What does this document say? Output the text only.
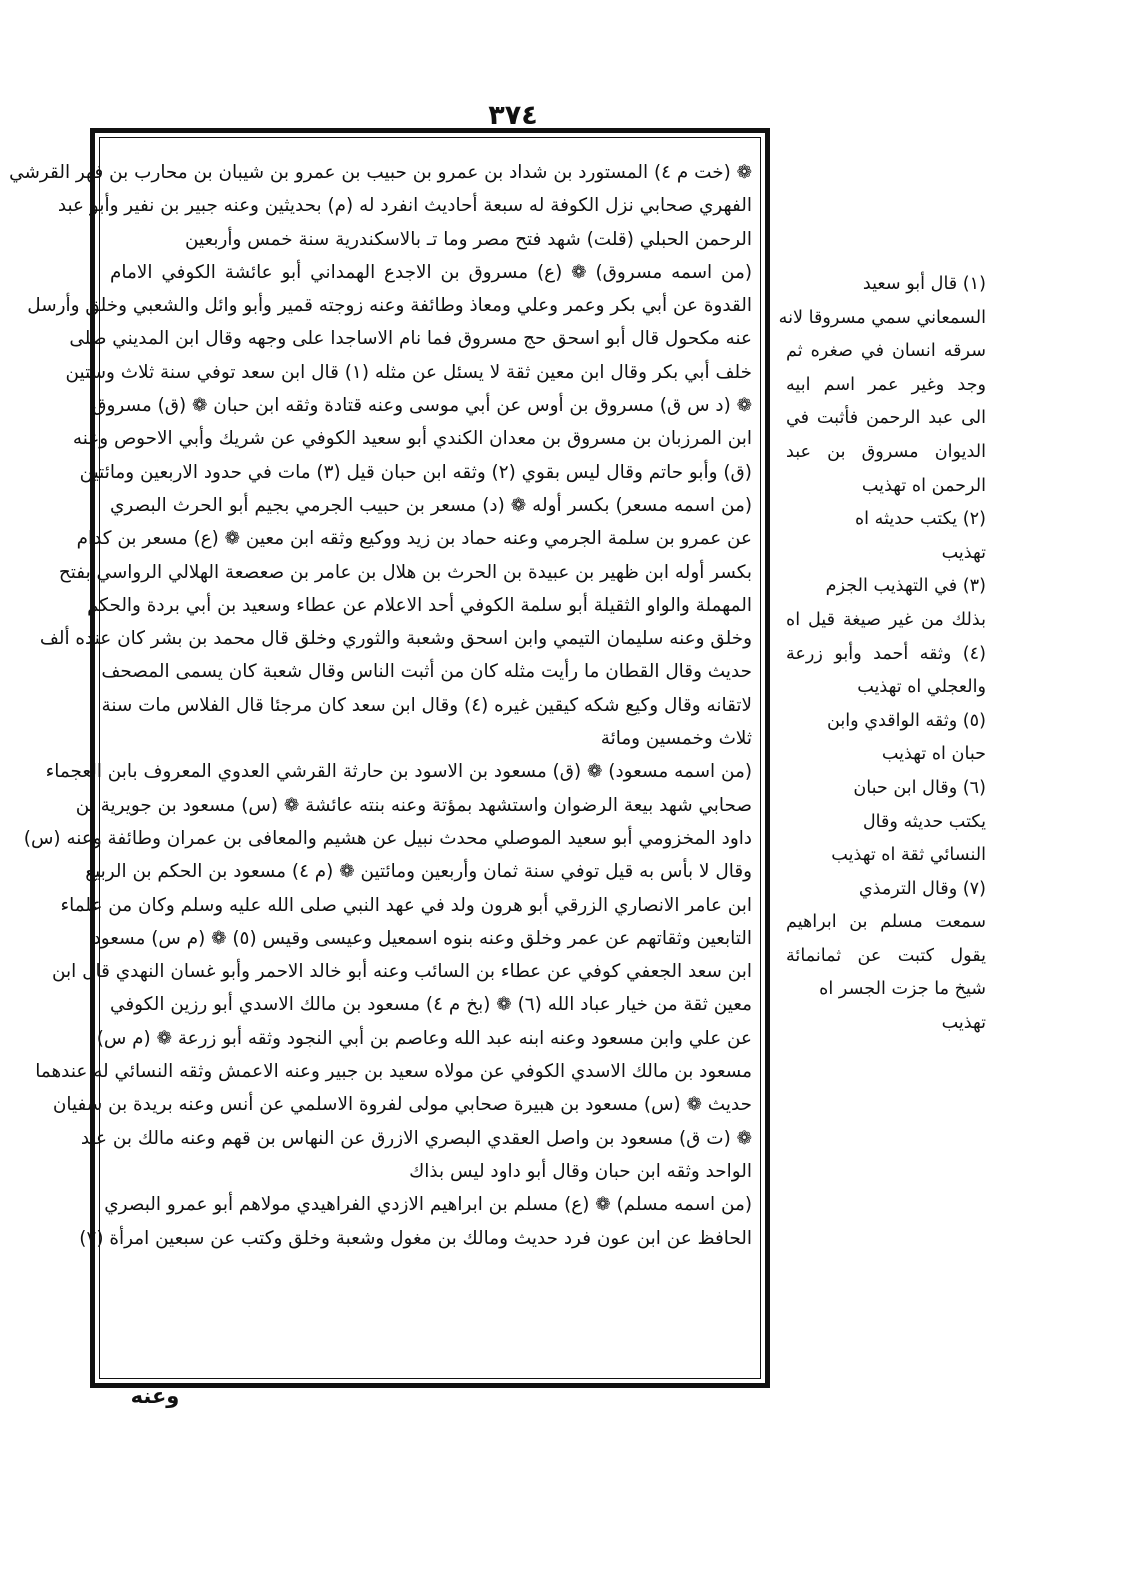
٣٧٤
❁ (خت م ٤) المستورد بن شداد بن عمرو بن حبيب بن عمرو بن شيبان بن محارب بن فهر القرشي
الفهري صحابي نزل الكوفة له سبعة أحاديث انفرد له (م) بحديثين وعنه جبير بن نفير وأبو عبد
الرحمن الحبلي (قلت) شهد فتح مصر وما تـ بالاسكندرية سنة خمس وأربعين
(من اسمه مسروق) ❁ (ع) مسروق بن الاجدع الهمداني أبو عائشة الكوفي الامام
القدوة عن أبي بكر وعمر وعلي ومعاذ وطائفة وعنه زوجته قمير وأبو وائل والشعبي وخلق وأرسل
عنه مكحول قال أبو اسحق حج مسروق فما نام الاساجدا على وجهه وقال ابن المديني صلى
خلف أبي بكر وقال ابن معين ثقة لا يسئل عن مثله (١) قال ابن سعد توفي سنة ثلاث وستين
❁ (د س ق) مسروق بن أوس عن أبي موسى وعنه قتادة وثقه ابن حبان ❁ (ق) مسروق
ابن المرزبان بن مسروق بن معدان الكندي أبو سعيد الكوفي عن شريك وأبي الاحوص وعنه
(ق) وأبو حاتم وقال ليس بقوي (٢) وثقه ابن حبان قيل (٣) مات في حدود الاربعين ومائتين
(من اسمه مسعر) بكسر أوله ❁ (د) مسعر بن حبيب الجرمي بجيم أبو الحرث البصري
عن عمرو بن سلمة الجرمي وعنه حماد بن زيد ووكيع وثقه ابن معين ❁ (ع) مسعر بن كدام
بكسر أوله ابن ظهير بن عبيدة بن الحرث بن هلال بن عامر بن صعصعة الهلالي الرواسي بفتح
المهملة والواو الثقيلة أبو سلمة الكوفي أحد الاعلام عن عطاء وسعيد بن أبي بردة والحكم
وخلق وعنه سليمان التيمي وابن اسحق وشعبة والثوري وخلق قال محمد بن بشر كان عنده ألف
حديث وقال القطان ما رأيت مثله كان من أثبت الناس وقال شعبة كان يسمى المصحف
لاتقانه وقال وكيع شكه كيقين غيره (٤) وقال ابن سعد كان مرجئا قال الفلاس مات سنة
ثلاث وخمسين ومائة
(من اسمه مسعود) ❁ (ق) مسعود بن الاسود بن حارثة القرشي العدوي المعروف بابن العجماء
صحابي شهد بيعة الرضوان واستشهد بمؤتة وعنه بنته عائشة ❁ (س) مسعود بن جويرية بن
داود المخزومي أبو سعيد الموصلي محدث نبيل عن هشيم والمعافى بن عمران وطائفة وعنه (س)
وقال لا بأس به قيل توفي سنة ثمان وأربعين ومائتين ❁ (م ٤) مسعود بن الحكم بن الربيع
ابن عامر الانصاري الزرقي أبو هرون ولد في عهد النبي صلى الله عليه وسلم وكان من علماء
التابعين وثقاتهم عن عمر وخلق وعنه بنوه اسمعيل وعيسى وقيس (٥) ❁ (م س) مسعود
ابن سعد الجعفي كوفي عن عطاء بن السائب وعنه أبو خالد الاحمر وأبو غسان النهدي قال ابن
معين ثقة من خيار عباد الله (٦) ❁ (بخ م ٤) مسعود بن مالك الاسدي أبو رزين الكوفي
عن علي وابن مسعود وعنه ابنه عبد الله وعاصم بن أبي النجود وثقه أبو زرعة ❁ (م س)
مسعود بن مالك الاسدي الكوفي عن مولاه سعيد بن جبير وعنه الاعمش وثقه النسائي له عندهما
حديث ❁ (س) مسعود بن هبيرة صحابي مولى لفروة الاسلمي عن أنس وعنه بريدة بن سفيان
❁ (ت ق) مسعود بن واصل العقدي البصري الازرق عن النهاس بن قهم وعنه مالك بن عبد
الواحد وثقه ابن حبان وقال أبو داود ليس بذاك
(من اسمه مسلم) ❁ (ع) مسلم بن ابراهيم الازدي الفراهيدي مولاهم أبو عمرو البصري
الحافظ عن ابن عون فرد حديث ومالك بن مغول وشعبة وخلق وكتب عن سبعين امرأة (٧)
(١) قال أبو سعيد
السمعاني سمي مسروقا لانه
سرقه انسان في صغره ثم
وجد وغير عمر اسم ابيه
الى عبد الرحمن فأثبت في
الديوان مسروق بن عبد
الرحمن اه تهذيب
(٢) يكتب حديثه اه
تهذيب
(٣) في التهذيب الجزم
بذلك من غير صيغة قيل اه
(٤) وثقه أحمد وأبو زرعة
والعجلي اه تهذيب
(٥) وثقه الواقدي وابن
حبان اه تهذيب
(٦) وقال ابن حبان
يكتب حديثه وقال
النسائي ثقة اه تهذيب
(٧) وقال الترمذي
سمعت مسلم بن ابراهيم
يقول كتبت عن ثمانمائة
شيخ ما جزت الجسر اه
تهذيب
وعنه
